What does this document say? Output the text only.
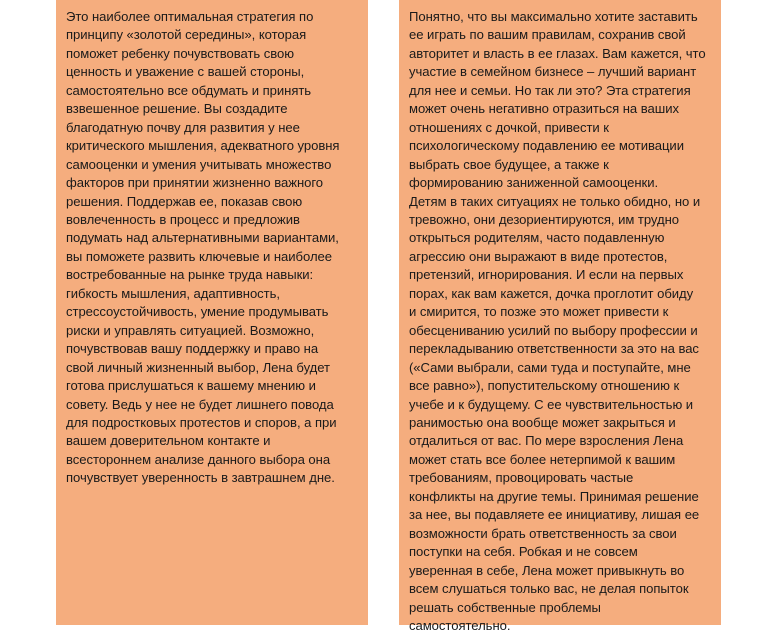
Это наиболее оптимальная стратегия по
принципу «золотой середины», которая
поможет ребенку почувствовать свою
ценность и уважение с вашей стороны,
самостоятельно все обдумать и принять
взвешенное решение. Вы создадите
благодатную почву для развития у нее
критического мышления, адекватного уровня
самооценки и умения учитывать множество
факторов при принятии жизненно важного
решения. Поддержав ее, показав свою
вовлеченность в процесс и предложив
подумать над альтернативными вариантами,
вы поможете развить ключевые и наиболее
востребованные на рынке труда навыки:
гибкость мышления, адаптивность,
стрессоустойчивость, умение продумывать
риски и управлять ситуацией. Возможно,
почувствовав вашу поддержку и право на
свой личный жизненный выбор, Лена будет
готова прислушаться к вашему мнению и
совету. Ведь у нее не будет лишнего повода
для подростковых протестов и споров, а при
вашем доверительном контакте и
всестороннем анализе данного выбора она
почувствует уверенность в завтрашнем дне.

Понятно, что вы максимально хотите заставить
ее играть по вашим правилам, сохранив свой
авторитет и власть в ее глазах. Вам кажется, что
участие в семейном бизнесе – лучший вариант
для нее и семьи. Но так ли это? Эта стратегия
может очень негативно отразиться на ваших
отношениях с дочкой, привести к
психологическому подавлению ее мотивации
выбрать свое будущее, а также к
формированию заниженной самооценки.
Детям в таких ситуациях не только обидно, но и
тревожно, они дезориентируются, им трудно
открыться родителям, часто подавленную
агрессию они выражают в виде протестов,
претензий, игнорирования. И если на первых
порах, как вам кажется, дочка проглотит обиду
и смирится, то позже это может привести к
обесцениванию усилий по выбору профессии и
перекладыванию ответственности за это на вас
(«Сами выбрали, сами туда и поступайте, мне
все равно»), попустительскому отношению к
учебе и к будущему. С ее чувствительностью и
ранимостью она вообще может закрыться и
отдалиться от вас. По мере взросления Лена
может стать все более нетерпимой к вашим
требованиям, провоцировать частые
конфликты на другие темы. Принимая решение
за нее, вы подавляете ее инициативу, лишая ее
возможности брать ответственность за свои
поступки на себя. Робкая и не совсем
уверенная в себе, Лена может привыкнуть во
всем слушаться только вас, не делая попыток
решать собственные проблемы
самостоятельно.
